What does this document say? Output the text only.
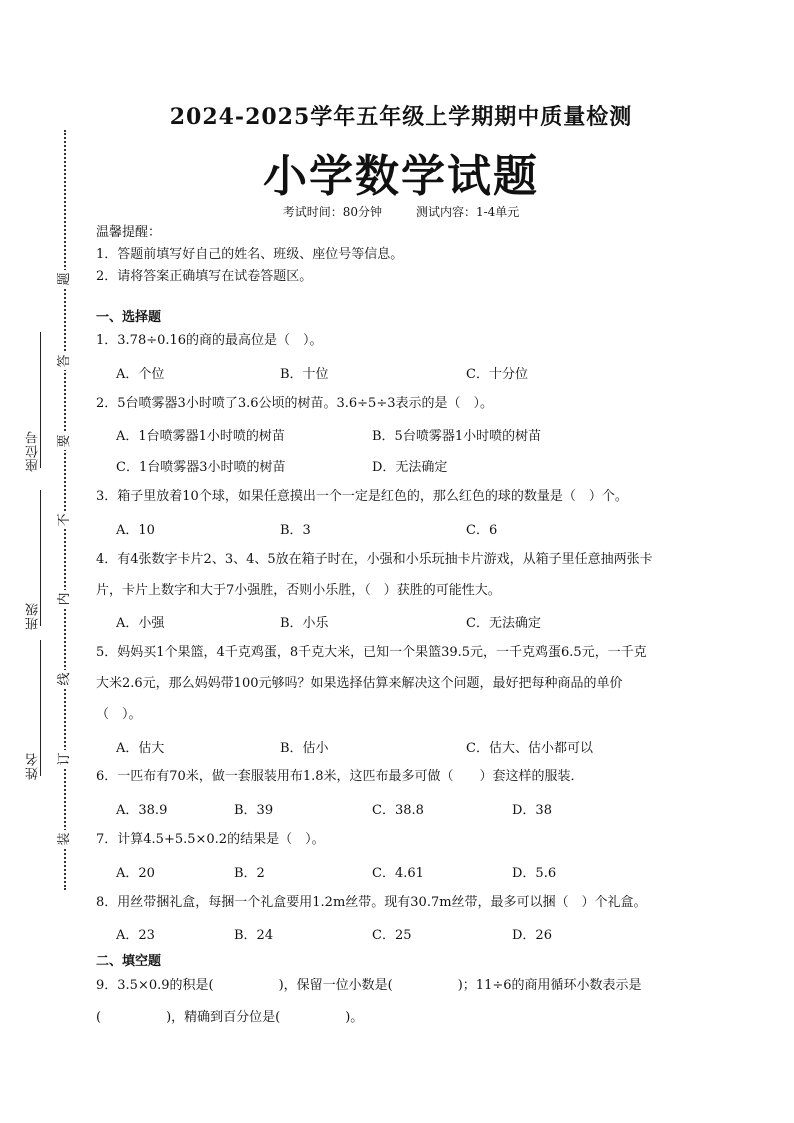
题
答
要
不
内
线
订
装
座位号
班级
姓名
2024-2025学年五年级上学期期中质量检测
小学数学试题
考试时间：80分钟	测试内容：1-4单元
温馨提醒：
1．答题前填写好自己的姓名、班级、座位号等信息。
2．请将答案正确填写在试卷答题区。
一、选择题
1．3.78÷0.16的商的最高位是（　）。
A．个位	B．十位	C．十分位
2．5台喷雾器3小时喷了3.6公顷的树苗。3.6÷5÷3表示的是（　）。
A．1台喷雾器1小时喷的树苗	B．5台喷雾器1小时喷的树苗
C．1台喷雾器3小时喷的树苗	D．无法确定
3．箱子里放着10个球，如果任意摸出一个一定是红色的，那么红色的球的数量是（　）个。
A．10	B．3	C．6
4．有4张数字卡片2、3、4、5放在箱子时在，小强和小乐玩抽卡片游戏，从箱子里任意抽两张卡
片，卡片上数字和大于7小强胜，否则小乐胜，（　）获胜的可能性大。
A．小强	B．小乐	C．无法确定
5．妈妈买1个果篮，4千克鸡蛋，8千克大米，已知一个果篮39.5元，一千克鸡蛋6.5元，一千克
大米2.6元，那么妈妈带100元够吗？如果选择估算来解决这个问题，最好把每种商品的单价
（　）。
A．估大	B．估小	C．估大、估小都可以
6．一匹布有70米，做一套服装用布1.8米，这匹布最多可做（　　）套这样的服装．
A．38.9	B．39	C．38.8	D．38
7．计算4.5+5.5×0.2的结果是（　）。
A．20	B．2	C．4.61	D．5.6
8．用丝带捆礼盒，每捆一个礼盒要用1.2m丝带。现有30.7m丝带，最多可以捆（　）个礼盒。
A．23	B．24	C．25	D．26
二、填空题
9．3.5×0.9的积是(　　　　　)，保留一位小数是(　　　　　)；11÷6的商用循环小数表示是
(　　　　　)，精确到百分位是(　　　　　)。
